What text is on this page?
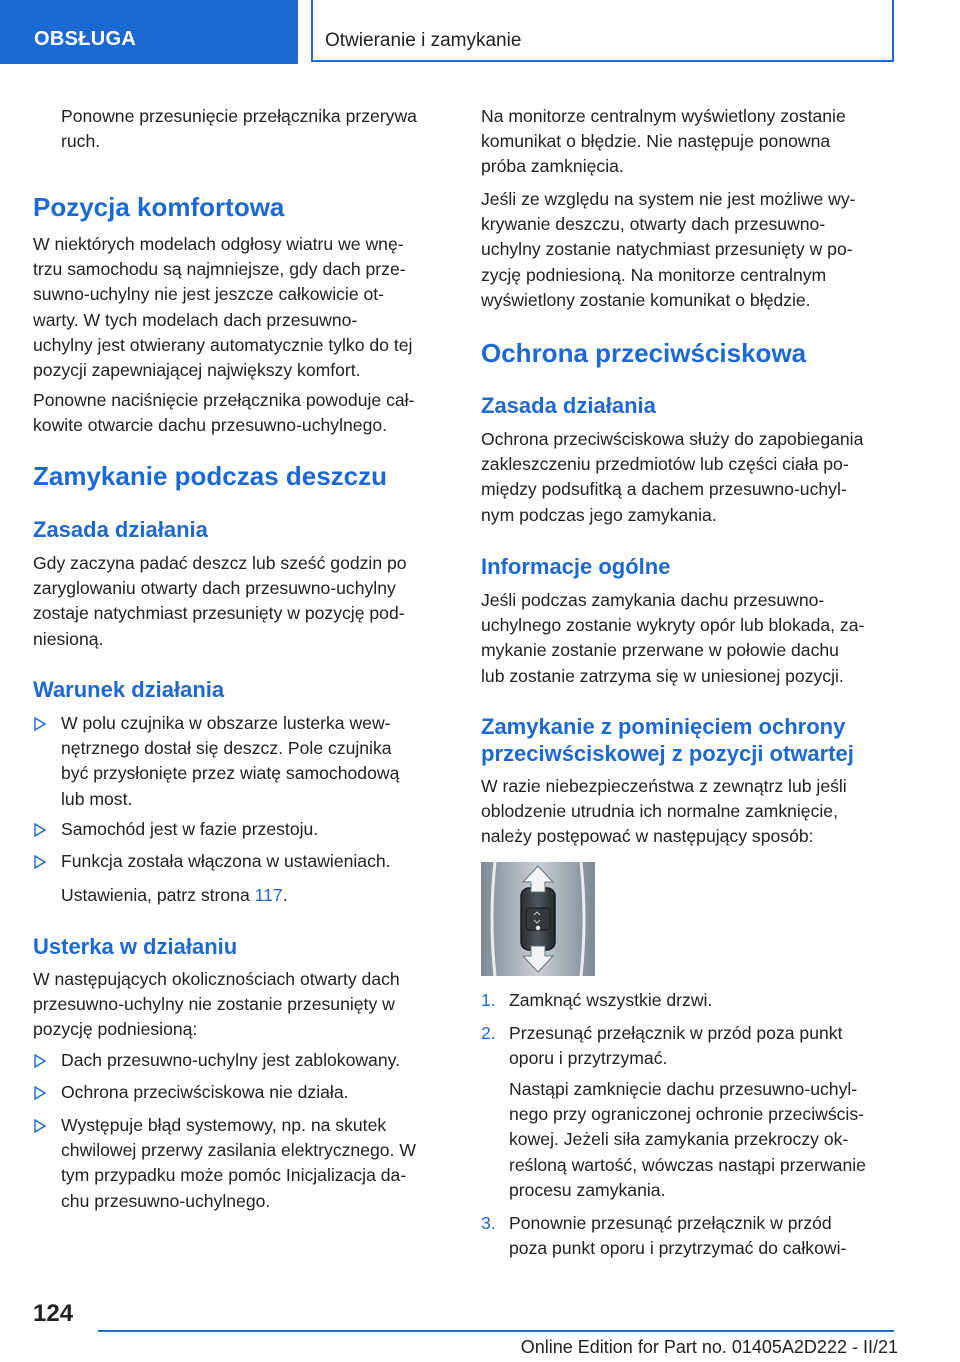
OBSŁUGA	Otwieranie i zamykanie
Ponowne przesunięcie przełącznika przerywa
ruch.
Pozycja komfortowa
W niektórych modelach odgłosy wiatru we wnę-
trzu samochodu są najmniejsze, gdy dach prze-
suwno-uchylny nie jest jeszcze całkowicie ot-
warty. W tych modelach dach przesuwno-
uchylny jest otwierany automatycznie tylko do tej
pozycji zapewniającej największy komfort.
Ponowne naciśnięcie przełącznika powoduje cał-
kowite otwarcie dachu przesuwno-uchylnego.
Zamykanie podczas deszczu
Zasada działania
Gdy zaczyna padać deszcz lub sześć godzin po
zaryglowaniu otwarty dach przesuwno-uchylny
zostaje natychmiast przesunięty w pozycję pod-
niesioną.
Warunek działania
W polu czujnika w obszarze lusterka wew-
nętrznego dostał się deszcz. Pole czujnika
być przysłonięte przez wiatę samochodową
lub most.
Samochód jest w fazie przestoju.
Funkcja została włączona w ustawieniach.
Ustawienia, patrz strona 117.
Usterka w działaniu
W następujących okolicznościach otwarty dach
przesuwno-uchylny nie zostanie przesunięty w
pozycję podniesioną:
Dach przesuwno-uchylny jest zablokowany.
Ochrona przeciwściskowa nie działa.
Występuje błąd systemowy, np. na skutek
chwilowej przerwy zasilania elektrycznego. W
tym przypadku może pomóc Inicjalizacja da-
chu przesuwno-uchylnego.
Na monitorze centralnym wyświetlony zostanie
komunikat o błędzie. Nie następuje ponowna
próba zamknięcia.
Jeśli ze względu na system nie jest możliwe wy-
krywanie deszczu, otwarty dach przesuwno-
uchylny zostanie natychmiast przesunięty w po-
zycję podniesioną. Na monitorze centralnym
wyświetlony zostanie komunikat o błędzie.
Ochrona przeciwściskowa
Zasada działania
Ochrona przeciwściskowa służy do zapobiegania
zakleszczeniu przedmiotów lub części ciała po-
między podsufitką a dachem przesuwno-uchyl-
nym podczas jego zamykania.
Informacje ogólne
Jeśli podczas zamykania dachu przesuwno-
uchylnego zostanie wykryty opór lub blokada, za-
mykanie zostanie przerwane w połowie dachu
lub zostanie zatrzyma się w uniesionej pozycji.
Zamykanie z pominięciem ochrony
przeciwściskowej z pozycji otwartej
W razie niebezpieczeństwa z zewnątrz lub jeśli
oblodzenie utrudnia ich normalne zamknięcie,
należy postępować w następujący sposób:
1. Zamknąć wszystkie drzwi.
2. Przesunąć przełącznik w przód poza punkt
oporu i przytrzymać.
Nastąpi zamknięcie dachu przesuwno-uchyl-
nego przy ograniczonej ochronie przeciwścis-
kowej. Jeżeli siła zamykania przekroczy ok-
reśloną wartość, wówczas nastąpi przerwanie
procesu zamykania.
3. Ponownie przesunąć przełącznik w przód
poza punkt oporu i przytrzymać do całkowi-
124
Online Edition for Part no. 01405A2D222 - II/21
